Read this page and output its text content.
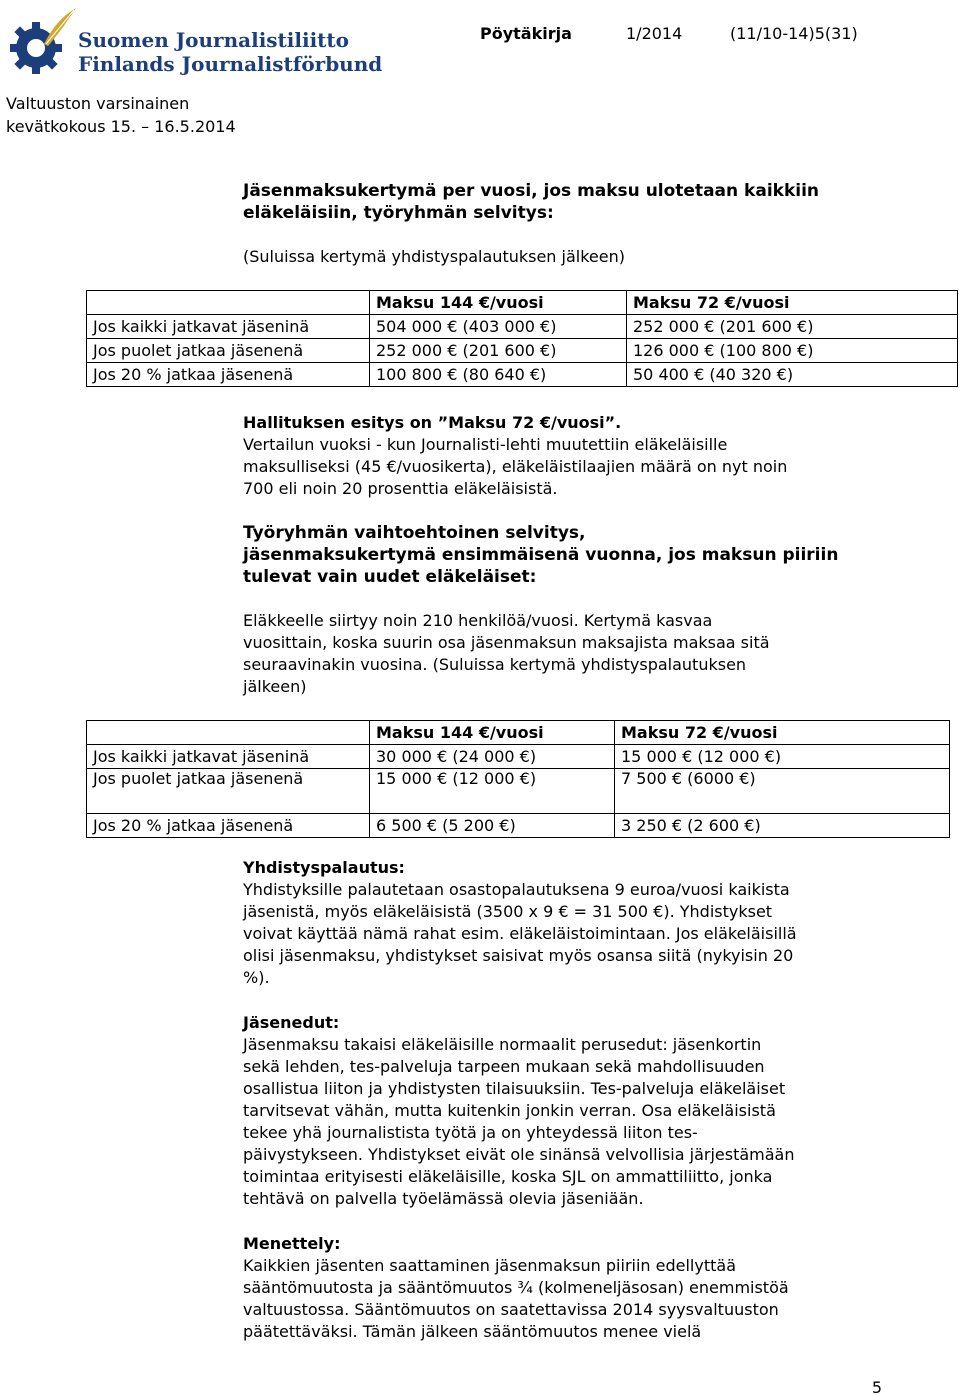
Suomen Journalistiliitto
Finlands Journalistförbund
Pöytäkirja	1/2014	(11/10-14)5(31)
Valtuuston varsinainen
kevätkokous 15. – 16.5.2014
Jäsenmaksukertymä per vuosi, jos maksu ulotetaan kaikkiin
eläkeläisiin, työryhmän selvitys:
(Suluissa kertymä yhdistyspalautuksen jälkeen)
	Maksu 144 €/vuosi	Maksu 72 €/vuosi
Jos kaikki jatkavat jäseninä	504 000 € (403 000 €)	252 000 € (201 600 €)
Jos puolet jatkaa jäsenenä	252 000 € (201 600 €)	126 000 € (100 800 €)
Jos 20 % jatkaa jäsenenä	100 800 € (80 640 €)	50 400 € (40 320 €)
Hallituksen esitys on ”Maksu 72 €/vuosi”.
Vertailun vuoksi - kun Journalisti-lehti muutettiin eläkeläisille
maksulliseksi (45 €/vuosikerta), eläkeläistilaajien määrä on nyt noin
700 eli noin 20 prosenttia eläkeläisistä.
Työryhmän vaihtoehtoinen selvitys,
jäsenmaksukertymä ensimmäisenä vuonna, jos maksun piiriin
tulevat vain uudet eläkeläiset:
Eläkkeelle siirtyy noin 210 henkilöä/vuosi. Kertymä kasvaa
vuosittain, koska suurin osa jäsenmaksun maksajista maksaa sitä
seuraavinakin vuosina. (Suluissa kertymä yhdistyspalautuksen
jälkeen)
	Maksu 144 €/vuosi	Maksu 72 €/vuosi
Jos kaikki jatkavat jäseninä	30 000 € (24 000 €)	15 000 € (12 000 €)
Jos puolet jatkaa jäsenenä	15 000 € (12 000 €)	7 500 € (6000 €)
Jos 20 % jatkaa jäsenenä	6 500 € (5 200 €)	3 250 € (2 600 €)
Yhdistyspalautus:
Yhdistyksille palautetaan osastopalautuksena 9 euroa/vuosi kaikista
jäsenistä, myös eläkeläisistä (3500 x 9 € = 31 500 €). Yhdistykset
voivat käyttää nämä rahat esim. eläkeläistoimintaan. Jos eläkeläisillä
olisi jäsenmaksu, yhdistykset saisivat myös osansa siitä (nykyisin 20
%).
Jäsenedut:
Jäsenmaksu takaisi eläkeläisille normaalit perusedut: jäsenkortin
sekä lehden, tes-palveluja tarpeen mukaan sekä mahdollisuuden
osallistua liiton ja yhdistysten tilaisuuksiin. Tes-palveluja eläkeläiset
tarvitsevat vähän, mutta kuitenkin jonkin verran. Osa eläkeläisistä
tekee yhä journalistista työtä ja on yhteydessä liiton tes-
päivystykseen. Yhdistykset eivät ole sinänsä velvollisia järjestämään
toimintaa erityisesti eläkeläisille, koska SJL on ammattiliitto, jonka
tehtävä on palvella työelämässä olevia jäseniään.
Menettely:
Kaikkien jäsenten saattaminen jäsenmaksun piiriin edellyttää
sääntömuutosta ja sääntömuutos ¾ (kolmeneljäsosan) enemmistöä
valtuustossa. Sääntömuutos on saatettavissa 2014 syysvaltuuston
päätettäväksi. Tämän jälkeen sääntömuutos menee vielä
5
